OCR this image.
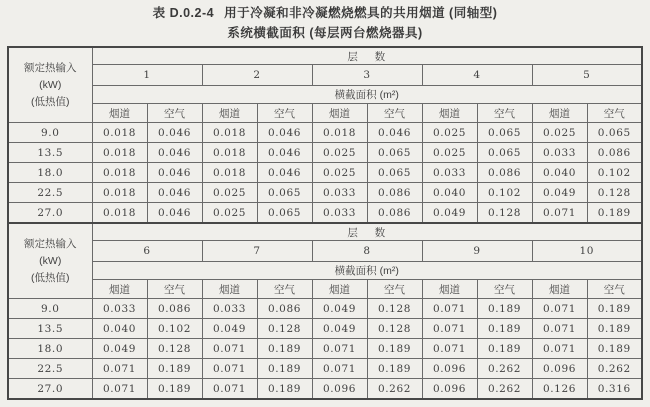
表 D.0.2-4 用于冷凝和非冷凝燃烧燃具的共用烟道 (同轴型)
系统横截面积 (每层两台燃烧器具)
额定热输入
(kW)
(低热值)	层    数									
	1		2		3		4		5	
	横截面积 (m²)									
	烟道	空气	烟道	空气	烟道	空气	烟道	空气	烟道	空气
9.0	0.018	0.046	0.018	0.046	0.018	0.046	0.025	0.065	0.025	0.065
13.5	0.018	0.046	0.018	0.046	0.025	0.065	0.025	0.065	0.033	0.086
18.0	0.018	0.046	0.018	0.046	0.025	0.065	0.033	0.086	0.040	0.102
22.5	0.018	0.046	0.025	0.065	0.033	0.086	0.040	0.102	0.049	0.128
27.0	0.018	0.046	0.025	0.065	0.033	0.086	0.049	0.128	0.071	0.189

额定热输入
(kW)
(低热值)	层    数									
	6		7		8		9		10	
	横截面积 (m²)									
	烟道	空气	烟道	空气	烟道	空气	烟道	空气	烟道	空气
9.0	0.033	0.086	0.033	0.086	0.049	0.128	0.071	0.189	0.071	0.189
13.5	0.040	0.102	0.049	0.128	0.049	0.128	0.071	0.189	0.071	0.189
18.0	0.049	0.128	0.071	0.189	0.071	0.189	0.071	0.189	0.071	0.189
22.5	0.071	0.189	0.071	0.189	0.071	0.189	0.096	0.262	0.096	0.262
27.0	0.071	0.189	0.071	0.189	0.096	0.262	0.096	0.262	0.126	0.316
